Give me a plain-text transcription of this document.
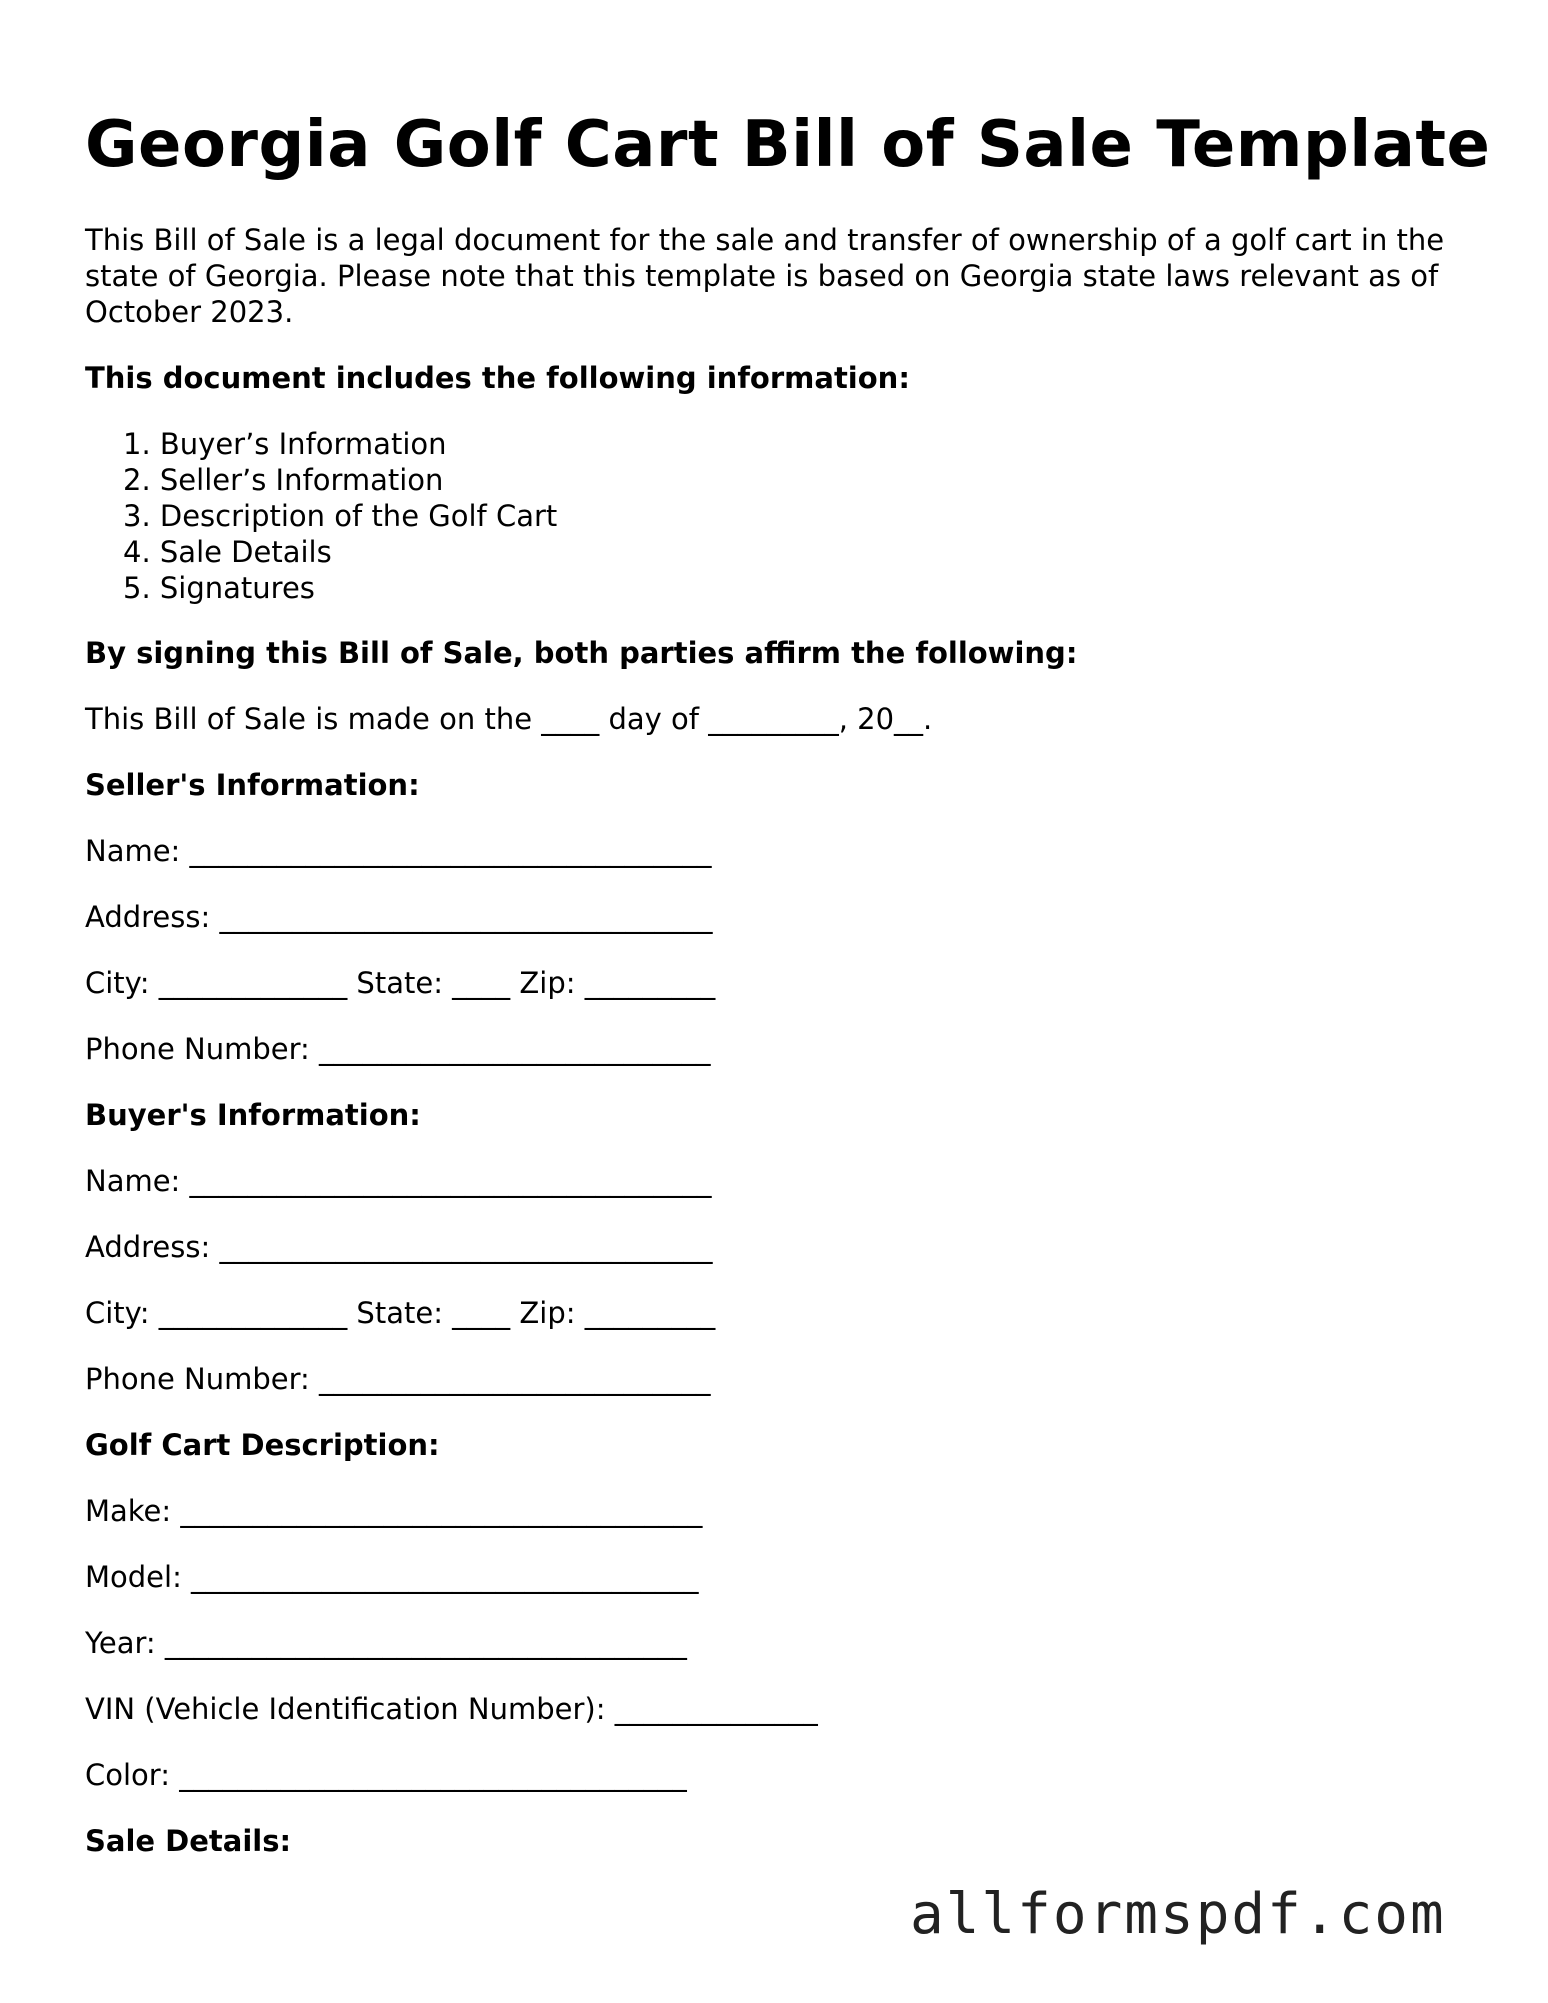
Georgia Golf Cart Bill of Sale Template

This Bill of Sale is a legal document for the sale and transfer of ownership of a golf cart in the state of Georgia. Please note that this template is based on Georgia state laws relevant as of October 2023.

This document includes the following information:

1. Buyer’s Information
2. Seller’s Information
3. Description of the Golf Cart
4. Sale Details
5. Signatures

By signing this Bill of Sale, both parties affirm the following:

This Bill of Sale is made on the ____ day of _________, 20__.

Seller's Information:

Name: ____________________________________

Address: __________________________________

City: _____________ State: ____ Zip: _________

Phone Number: ___________________________

Buyer's Information:

Name: ____________________________________

Address: __________________________________

City: _____________ State: ____ Zip: _________

Phone Number: ___________________________

Golf Cart Description:

Make: ____________________________________

Model: ___________________________________

Year: ____________________________________

VIN (Vehicle Identification Number): ______________

Color: ___________________________________

Sale Details:

allformspdf.com
